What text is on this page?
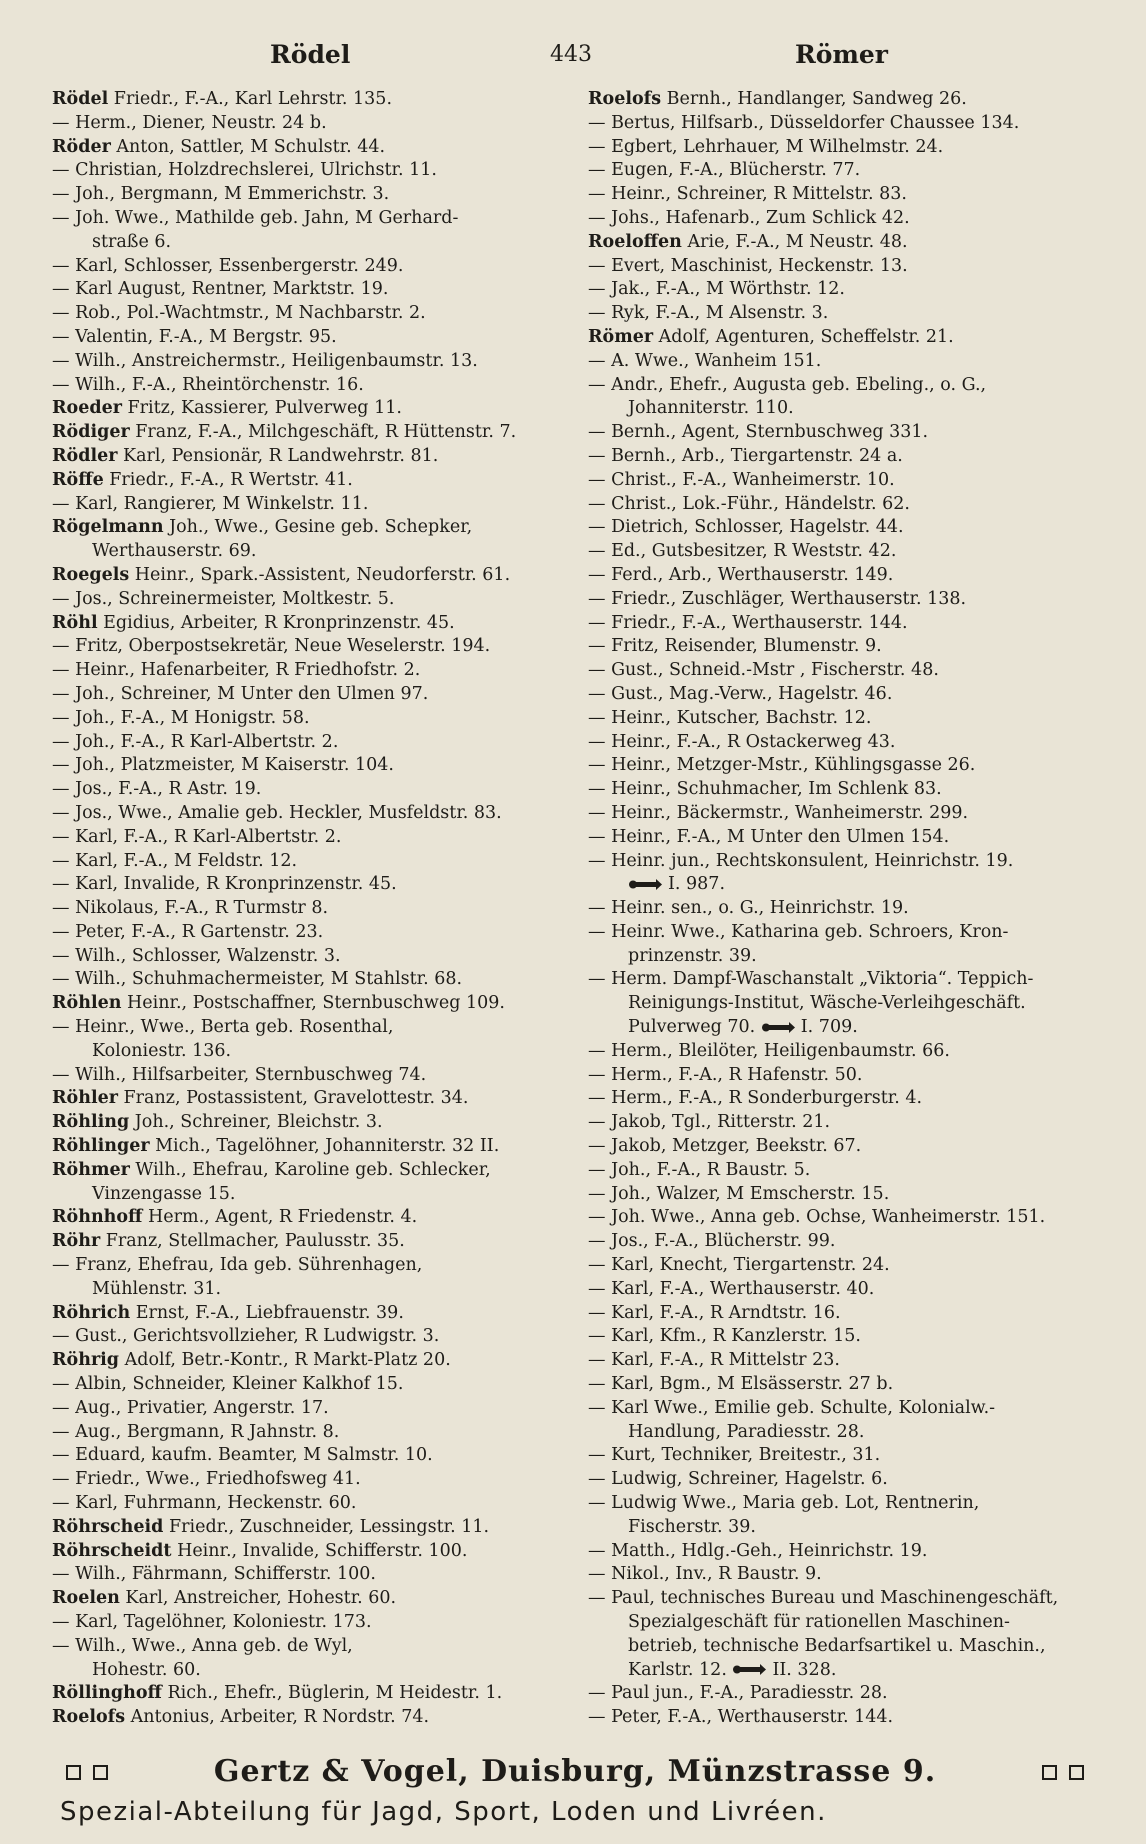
Rödel	443	Römer
Rödel Friedr., F.-A., Karl Lehrstr. 135.
— Herm., Diener, Neustr. 24 b.
Röder Anton, Sattler, M Schulstr. 44.
— Christian, Holzdrechslerei, Ulrichstr. 11.
— Joh., Bergmann, M Emmerichstr. 3.
— Joh. Wwe., Mathilde geb. Jahn, M Gerhard-
straße 6.
— Karl, Schlosser, Essenbergerstr. 249.
— Karl August, Rentner, Marktstr. 19.
— Rob., Pol.-Wachtmstr., M Nachbarstr. 2.
— Valentin, F.-A., M Bergstr. 95.
— Wilh., Anstreichermstr., Heiligenbaumstr. 13.
— Wilh., F.-A., Rheintörchenstr. 16.
Roeder Fritz, Kassierer, Pulverweg 11.
Rödiger Franz, F.-A., Milchgeschäft, R Hüttenstr. 7.
Rödler Karl, Pensionär, R Landwehrstr. 81.
Röffe Friedr., F.-A., R Wertstr. 41.
— Karl, Rangierer, M Winkelstr. 11.
Rögelmann Joh., Wwe., Gesine geb. Schepker,
Werthauserstr. 69.
Roegels Heinr., Spark.-Assistent, Neudorferstr. 61.
— Jos., Schreinermeister, Moltkestr. 5.
Röhl Egidius, Arbeiter, R Kronprinzenstr. 45.
— Fritz, Oberpostsekretär, Neue Weselerstr. 194.
— Heinr., Hafenarbeiter, R Friedhofstr. 2.
— Joh., Schreiner, M Unter den Ulmen 97.
— Joh., F.-A., M Honigstr. 58.
— Joh., F.-A., R Karl-Albertstr. 2.
— Joh., Platzmeister, M Kaiserstr. 104.
— Jos., F.-A., R Astr. 19.
— Jos., Wwe., Amalie geb. Heckler, Musfeldstr. 83.
— Karl, F.-A., R Karl-Albertstr. 2.
— Karl, F.-A., M Feldstr. 12.
— Karl, Invalide, R Kronprinzenstr. 45.
— Nikolaus, F.-A., R Turmstr 8.
— Peter, F.-A., R Gartenstr. 23.
— Wilh., Schlosser, Walzenstr. 3.
— Wilh., Schuhmachermeister, M Stahlstr. 68.
Röhlen Heinr., Postschaffner, Sternbuschweg 109.
— Heinr., Wwe., Berta geb. Rosenthal,
Koloniestr. 136.
— Wilh., Hilfsarbeiter, Sternbuschweg 74.
Röhler Franz, Postassistent, Gravelottestr. 34.
Röhling Joh., Schreiner, Bleichstr. 3.
Röhlinger Mich., Tagelöhner, Johanniterstr. 32 II.
Röhmer Wilh., Ehefrau, Karoline geb. Schlecker,
Vinzengasse 15.
Röhnhoff Herm., Agent, R Friedenstr. 4.
Röhr Franz, Stellmacher, Paulusstr. 35.
— Franz, Ehefrau, Ida geb. Sührenhagen,
Mühlenstr. 31.
Röhrich Ernst, F.-A., Liebfrauenstr. 39.
— Gust., Gerichtsvollzieher, R Ludwigstr. 3.
Röhrig Adolf, Betr.-Kontr., R Markt-Platz 20.
— Albin, Schneider, Kleiner Kalkhof 15.
— Aug., Privatier, Angerstr. 17.
— Aug., Bergmann, R Jahnstr. 8.
— Eduard, kaufm. Beamter, M Salmstr. 10.
— Friedr., Wwe., Friedhofsweg 41.
— Karl, Fuhrmann, Heckenstr. 60.
Röhrscheid Friedr., Zuschneider, Lessingstr. 11.
Röhrscheidt Heinr., Invalide, Schifferstr. 100.
— Wilh., Fährmann, Schifferstr. 100.
Roelen Karl, Anstreicher, Hohestr. 60.
— Karl, Tagelöhner, Koloniestr. 173.
— Wilh., Wwe., Anna geb. de Wyl,
Hohestr. 60.
Röllinghoff Rich., Ehefr., Büglerin, M Heidestr. 1.
Roelofs Antonius, Arbeiter, R Nordstr. 74.
Roelofs Bernh., Handlanger, Sandweg 26.
— Bertus, Hilfsarb., Düsseldorfer Chaussee 134.
— Egbert, Lehrhauer, M Wilhelmstr. 24.
— Eugen, F.-A., Blücherstr. 77.
— Heinr., Schreiner, R Mittelstr. 83.
— Johs., Hafenarb., Zum Schlick 42.
Roeloffen Arie, F.-A., M Neustr. 48.
— Evert, Maschinist, Heckenstr. 13.
— Jak., F.-A., M Wörthstr. 12.
— Ryk, F.-A., M Alsenstr. 3.
Römer Adolf, Agenturen, Scheffelstr. 21.
— A. Wwe., Wanheim 151.
— Andr., Ehefr., Augusta geb. Ebeling., o. G.,
Johanniterstr. 110.
— Bernh., Agent, Sternbuschweg 331.
— Bernh., Arb., Tiergartenstr. 24 a.
— Christ., F.-A., Wanheimerstr. 10.
— Christ., Lok.-Führ., Händelstr. 62.
— Dietrich, Schlosser, Hagelstr. 44.
— Ed., Gutsbesitzer, R Weststr. 42.
— Ferd., Arb., Werthauserstr. 149.
— Friedr., Zuschläger, Werthauserstr. 138.
— Friedr., F.-A., Werthauserstr. 144.
— Fritz, Reisender, Blumenstr. 9.
— Gust., Schneid.-Mstr , Fischerstr. 48.
— Gust., Mag.-Verw., Hagelstr. 46.
— Heinr., Kutscher, Bachstr. 12.
— Heinr., F.-A., R Ostackerweg 43.
— Heinr., Metzger-Mstr., Kühlingsgasse 26.
— Heinr., Schuhmacher, Im Schlenk 83.
— Heinr., Bäckermstr., Wanheimerstr. 299.
— Heinr., F.-A., M Unter den Ulmen 154.
— Heinr. jun., Rechtskonsulent, Heinrichstr. 19.
I. 987.
— Heinr. sen., o. G., Heinrichstr. 19.
— Heinr. Wwe., Katharina geb. Schroers, Kron-
prinzenstr. 39.
— Herm. Dampf-Waschanstalt „Viktoria“. Teppich-
Reinigungs-Institut, Wäsche-Verleihgeschäft.
Pulverweg 70.	I. 709.
— Herm., Bleilöter, Heiligenbaumstr. 66.
— Herm., F.-A., R Hafenstr. 50.
— Herm., F.-A., R Sonderburgerstr. 4.
— Jakob, Tgl., Ritterstr. 21.
— Jakob, Metzger, Beekstr. 67.
— Joh., F.-A., R Baustr. 5.
— Joh., Walzer, M Emscherstr. 15.
— Joh. Wwe., Anna geb. Ochse, Wanheimerstr. 151.
— Jos., F.-A., Blücherstr. 99.
— Karl, Knecht, Tiergartenstr. 24.
— Karl, F.-A., Werthauserstr. 40.
— Karl, F.-A., R Arndtstr. 16.
— Karl, Kfm., R Kanzlerstr. 15.
— Karl, F.-A., R Mittelstr 23.
— Karl, Bgm., M Elsässerstr. 27 b.
— Karl Wwe., Emilie geb. Schulte, Kolonialw.-
Handlung, Paradiesstr. 28.
— Kurt, Techniker, Breitestr., 31.
— Ludwig, Schreiner, Hagelstr. 6.
— Ludwig Wwe., Maria geb. Lot, Rentnerin,
Fischerstr. 39.
— Matth., Hdlg.-Geh., Heinrichstr. 19.
— Nikol., Inv., R Baustr. 9.
— Paul, technisches Bureau und Maschinengeschäft,
Spezialgeschäft für rationellen Maschinen-
betrieb, technische Bedarfsartikel u. Maschin.,
Karlstr. 12.	II. 328.
— Paul jun., F.-A., Paradiesstr. 28.
— Peter, F.-A., Werthauserstr. 144.
Gertz & Vogel, Duisburg, Münzstrasse 9.
Spezial-Abteilung für Jagd, Sport, Loden und Livréen.
